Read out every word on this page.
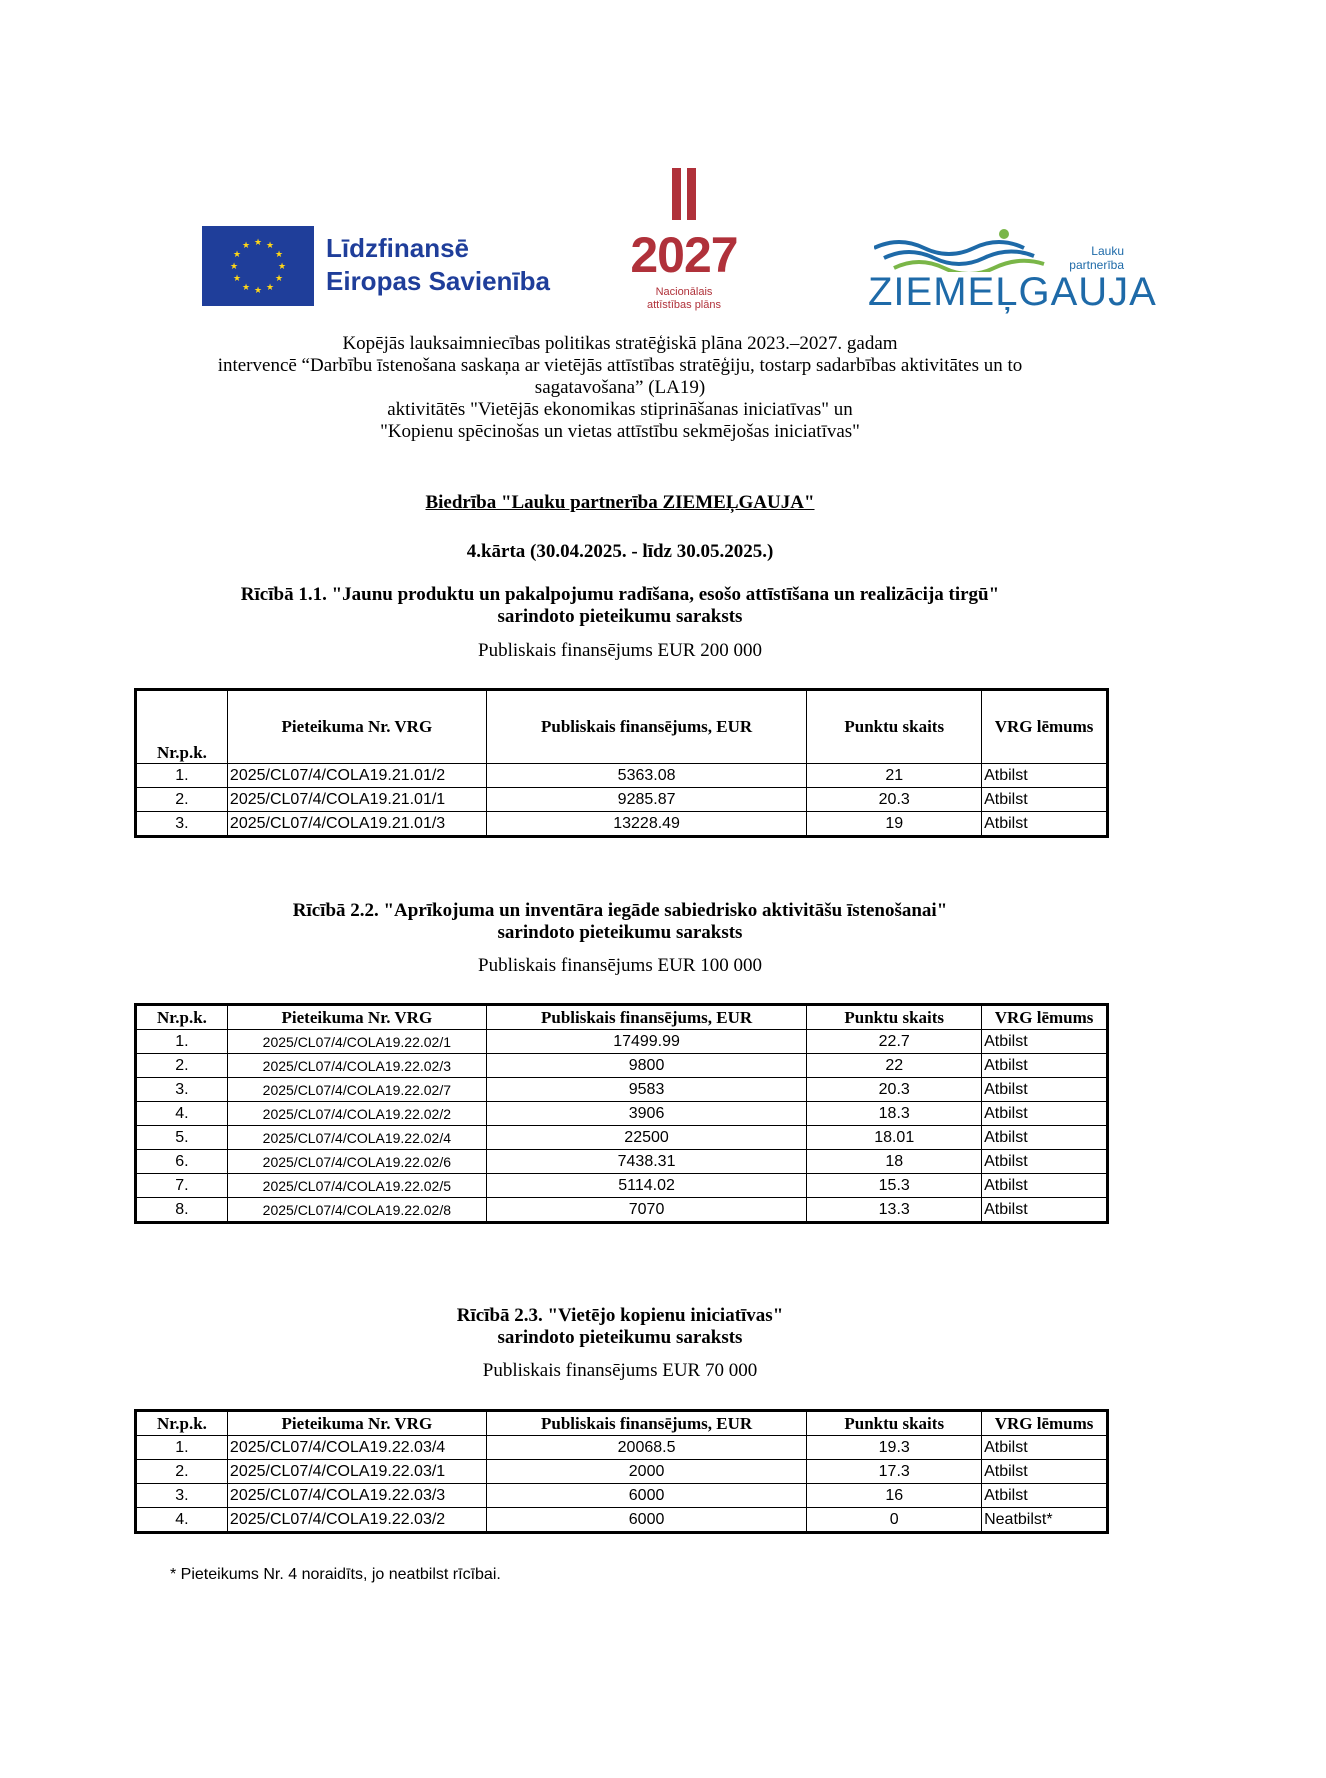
★ ★
★
★
★
★
★
★
★
★
★
★	Līdzfinansē
Eiropas Savienība 2027
Nacionālais
attīstības plāns
Lauku
partnerība
ZIEMEĻGAUJA
Kopējās lauksaimniecības politikas stratēģiskā plāna 2023.–2027. gadam
intervencē “Darbību īstenošana saskaņa ar vietējās attīstības stratēģiju, tostarp sadarbības aktivitātes un to
sagatavošana” (LA19)
aktivitātēs "Vietējās ekonomikas stiprināšanas iniciatīvas" un
"Kopienu spēcinošas un vietas attīstību sekmējošas iniciatīvas"
Biedrība "Lauku partnerība ZIEMEĻGAUJA"
4.kārta (30.04.2025. - līdz 30.05.2025.)
Rīcībā 1.1. "Jaunu produktu un pakalpojumu radīšana, esošo attīstīšana un realizācija tirgū"
sarindoto pieteikumu saraksts
Publiskais finansējums EUR 200 000
Nr.p.k.	Pieteikuma Nr. VRG	Publiskais finansējums, EUR	Punktu skaits	VRG lēmums
1.	2025/CL07/4/COLA19.21.01/2	5363.08	21	Atbilst
2.	2025/CL07/4/COLA19.21.01/1	9285.87	20.3	Atbilst
3.	2025/CL07/4/COLA19.21.01/3	13228.49	19	Atbilst
Rīcībā 2.2. "Aprīkojuma un inventāra iegāde sabiedrisko aktivitāšu īstenošanai"
sarindoto pieteikumu saraksts
Publiskais finansējums EUR 100 000
Nr.p.k.	Pieteikuma Nr. VRG	Publiskais finansējums, EUR	Punktu skaits	VRG lēmums
1.	2025/CL07/4/COLA19.22.02/1	17499.99	22.7	Atbilst
2.	2025/CL07/4/COLA19.22.02/3	9800	22	Atbilst
3.	2025/CL07/4/COLA19.22.02/7	9583	20.3	Atbilst
4.	2025/CL07/4/COLA19.22.02/2	3906	18.3	Atbilst
5.	2025/CL07/4/COLA19.22.02/4	22500	18.01	Atbilst
6.	2025/CL07/4/COLA19.22.02/6	7438.31	18	Atbilst
7.	2025/CL07/4/COLA19.22.02/5	5114.02	15.3	Atbilst
8.	2025/CL07/4/COLA19.22.02/8	7070	13.3	Atbilst
Rīcībā 2.3. "Vietējo kopienu iniciatīvas"
sarindoto pieteikumu saraksts
Publiskais finansējums EUR 70 000
Nr.p.k.	Pieteikuma Nr. VRG	Publiskais finansējums, EUR	Punktu skaits	VRG lēmums
1.	2025/CL07/4/COLA19.22.03/4	20068.5	19.3	Atbilst
2.	2025/CL07/4/COLA19.22.03/1	2000	17.3	Atbilst
3.	2025/CL07/4/COLA19.22.03/3	6000	16	Atbilst
4.	2025/CL07/4/COLA19.22.03/2	6000	0	Neatbilst*
* Pieteikums Nr. 4 noraidīts, jo neatbilst rīcībai.
